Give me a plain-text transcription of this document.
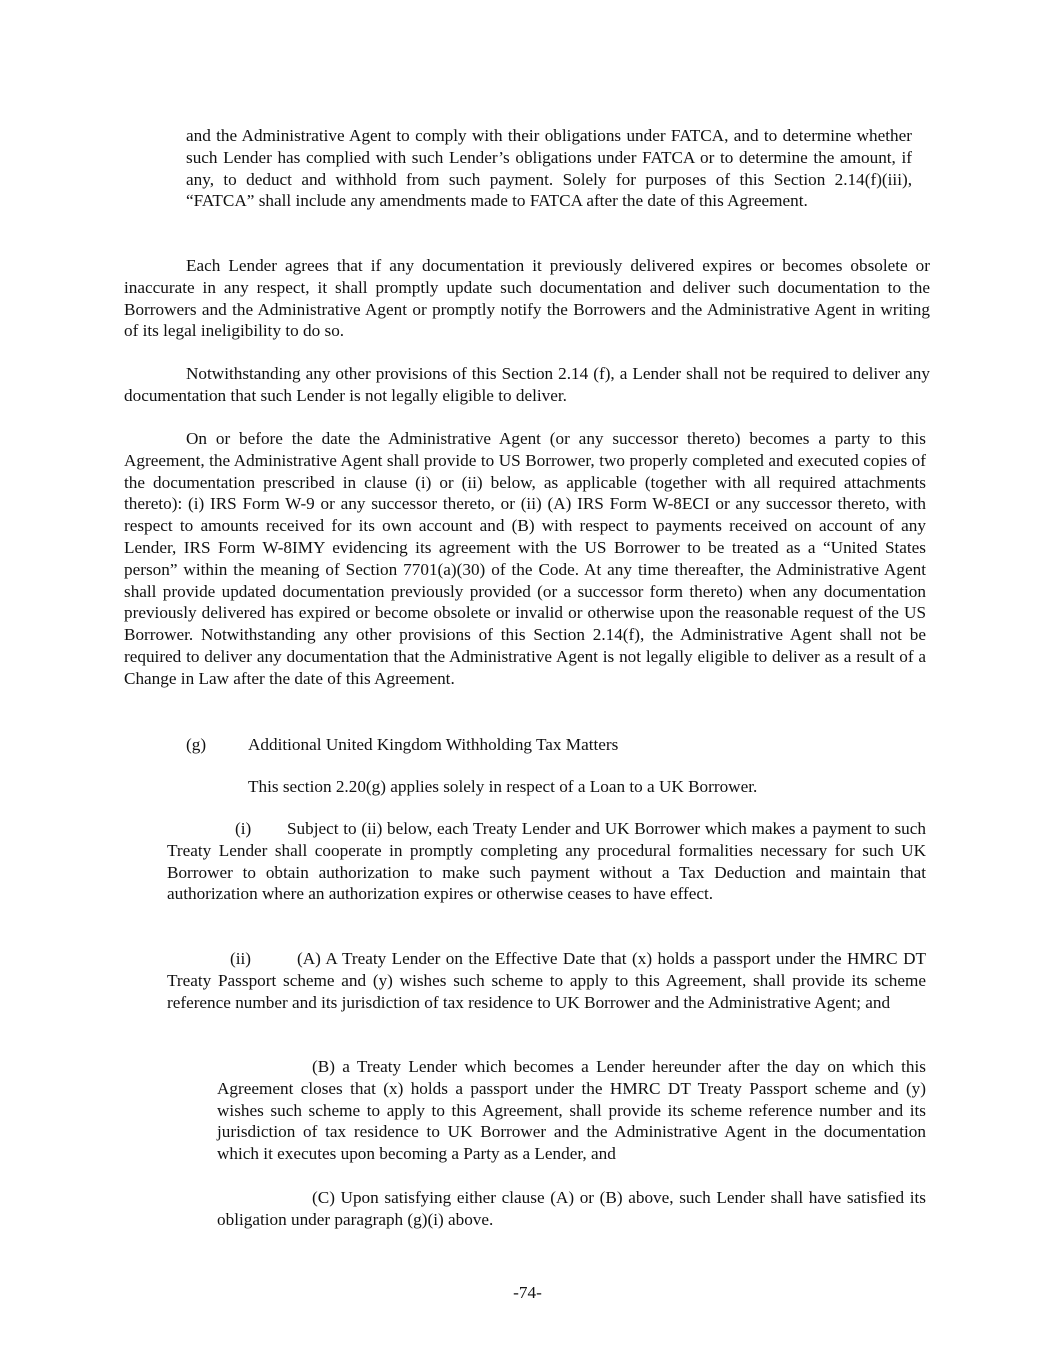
and the Administrative Agent to comply with their obligations under FATCA, and to determine whether such Lender has complied with such Lender’s obligations under FATCA or to determine the amount, if any, to deduct and withhold from such payment. Solely for purposes of this Section 2.14(f)(iii), “FATCA” shall include any amendments made to FATCA after the date of this Agreement.

Each Lender agrees that if any documentation it previously delivered expires or becomes obsolete or inaccurate in any respect, it shall promptly update such documentation and deliver such documentation to the Borrowers and the Administrative Agent or promptly notify the Borrowers and the Administrative Agent in writing of its legal ineligibility to do so.

Notwithstanding any other provisions of this Section 2.14 (f), a Lender shall not be required to deliver any documentation that such Lender is not legally eligible to deliver.

On or before the date the Administrative Agent (or any successor thereto) becomes a party to this Agreement, the Administrative Agent shall provide to US Borrower, two properly completed and executed copies of the documentation prescribed in clause (i) or (ii) below, as applicable (together with all required attachments thereto): (i) IRS Form W-9 or any successor thereto, or (ii) (A) IRS Form W-8ECI or any successor thereto, with respect to amounts received for its own account and (B) with respect to payments received on account of any Lender, IRS Form W-8IMY evidencing its agreement with the US Borrower to be treated as a “United States person” within the meaning of Section 7701(a)(30) of the Code. At any time thereafter, the Administrative Agent shall provide updated documentation previously provided (or a successor form thereto) when any documentation previously delivered has expired or become obsolete or invalid or otherwise upon the reasonable request of the US Borrower. Notwithstanding any other provisions of this Section 2.14(f), the Administrative Agent shall not be required to deliver any documentation that the Administrative Agent is not legally eligible to deliver as a result of a Change in Law after the date of this Agreement.

(g) Additional United Kingdom Withholding Tax Matters

This section 2.20(g) applies solely in respect of a Loan to a UK Borrower.

(i) Subject to (ii) below, each Treaty Lender and UK Borrower which makes a payment to such Treaty Lender shall cooperate in promptly completing any procedural formalities necessary for such UK Borrower to obtain authorization to make such payment without a Tax Deduction and maintain that authorization where an authorization expires or otherwise ceases to have effect.

(ii)	(A) A Treaty Lender on the Effective Date that (x) holds a passport under the HMRC DT Treaty Passport scheme and (y) wishes such scheme to apply to this Agreement, shall provide its scheme reference number and its jurisdiction of tax residence to UK Borrower and the Administrative Agent; and

(B) a Treaty Lender which becomes a Lender hereunder after the day on which this Agreement closes that (x) holds a passport under the HMRC DT Treaty Passport scheme and (y) wishes such scheme to apply to this Agreement, shall provide its scheme reference number and its jurisdiction of tax residence to UK Borrower and the Administrative Agent in the documentation which it executes upon becoming a Party as a Lender, and

(C) Upon satisfying either clause (A) or (B) above, such Lender shall have satisfied its obligation under paragraph (g)(i) above.

-74-
